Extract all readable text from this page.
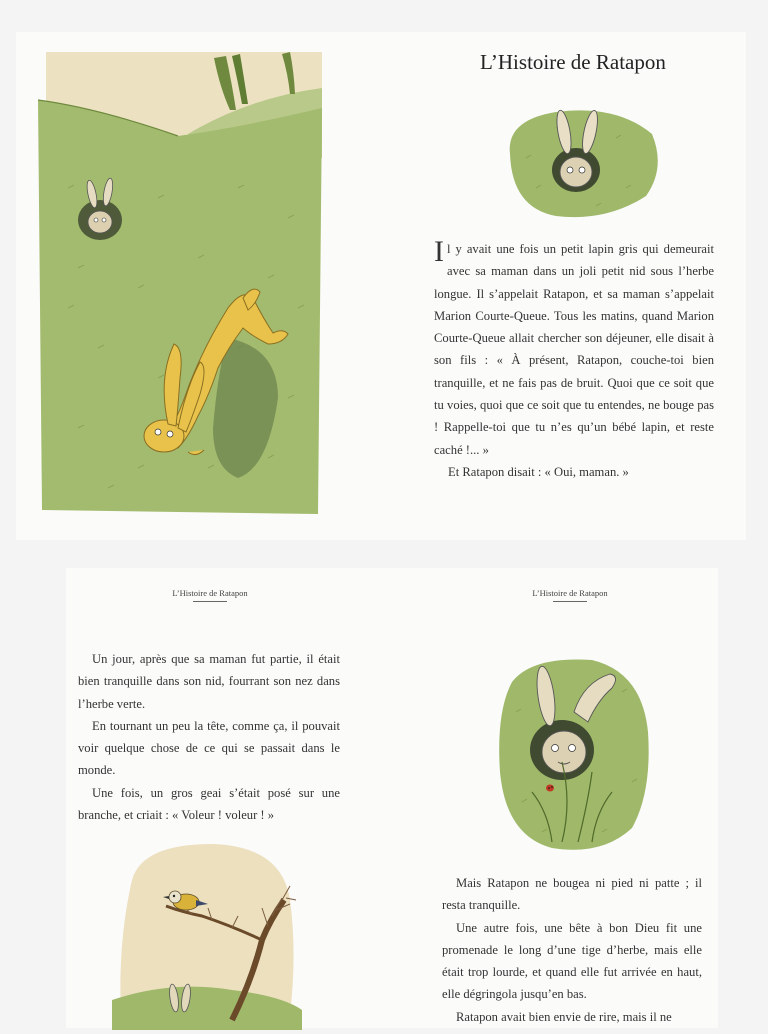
L’Histoire de Ratapon

Il y avait une fois un petit lapin gris qui demeurait avec sa maman dans un joli petit nid sous l’herbe longue. Il s’appelait Ratapon, et sa maman s’appelait Marion Courte-Queue. Tous les matins, quand Marion Courte-Queue allait chercher son déjeuner, elle disait à son fils : « À présent, Ratapon, couche-toi bien tranquille, et ne fais pas de bruit. Quoi que ce soit que tu voies, quoi que ce soit que tu entendes, ne bouge pas ! Rappelle-toi que tu n’es qu’un bébé lapin, et reste caché !... »

Et Ratapon disait : « Oui, maman. »

L’Histoire de Ratapon

Un jour, après que sa maman fut partie, il était bien tranquille dans son nid, fourrant son nez dans l’herbe verte.

En tournant un peu la tête, comme ça, il pouvait voir quelque chose de ce qui se passait dans le monde.

Une fois, un gros geai s’était posé sur une branche, et criait : « Voleur ! voleur ! »

L’Histoire de Ratapon

Mais Ratapon ne bougea ni pied ni patte ; il resta tranquille.

Une autre fois, une bête à bon Dieu fit une promenade le long d’une tige d’herbe, mais elle était trop lourde, et quand elle fut arrivée en haut, elle dégringola jusqu’en bas.

Ratapon avait bien envie de rire, mais il ne
